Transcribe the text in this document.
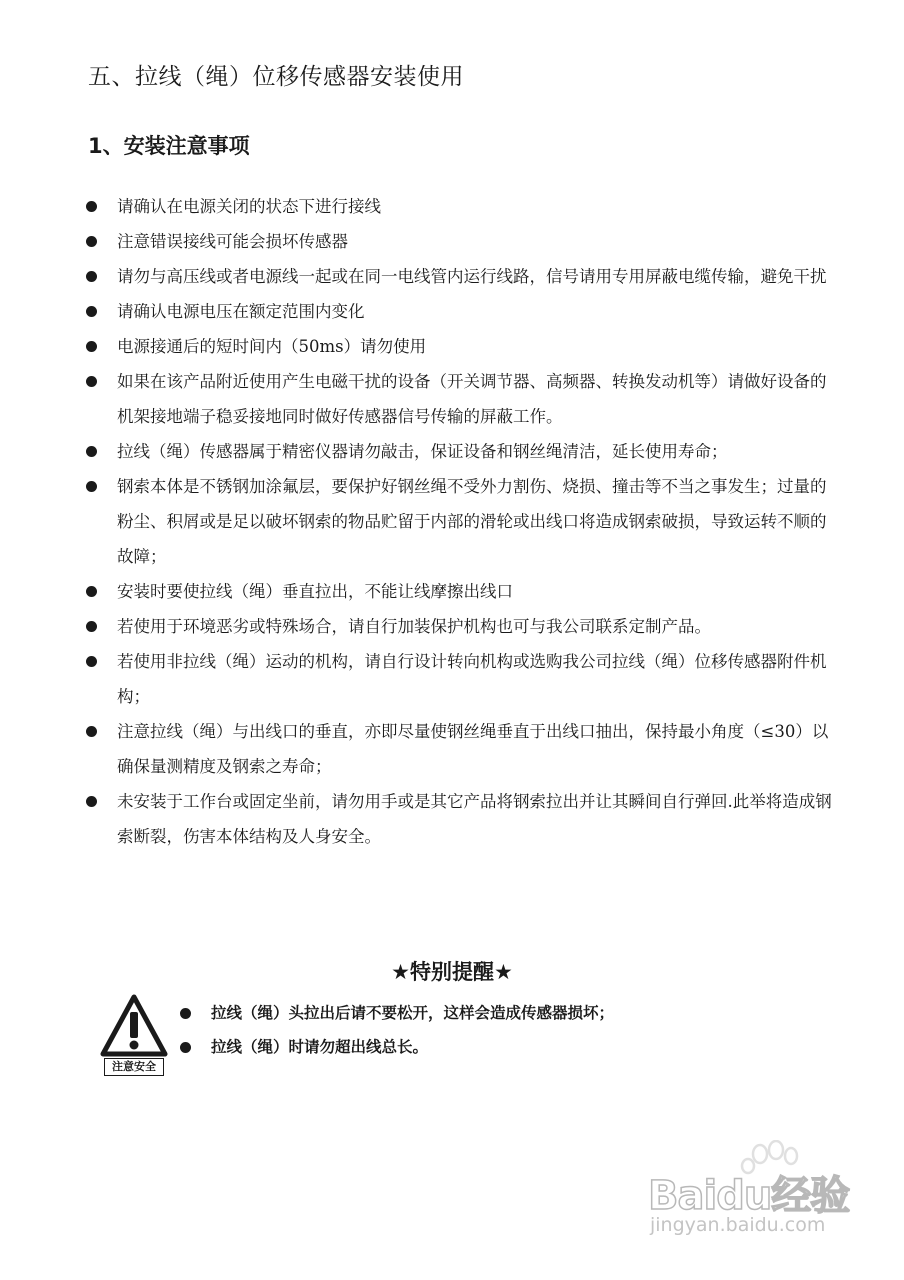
五、拉线（绳）位移传感器安装使用
1、安装注意事项
请确认在电源关闭的状态下进行接线
注意错误接线可能会损坏传感器
请勿与高压线或者电源线一起或在同一电线管内运行线路，信号请用专用屏蔽电缆传输，避免干扰
请确认电源电压在额定范围内变化
电源接通后的短时间内（50ms）请勿使用
如果在该产品附近使用产生电磁干扰的设备（开关调节器、高频器、转换发动机等）请做好设备的机架接地端子稳妥接地同时做好传感器信号传输的屏蔽工作。
拉线（绳）传感器属于精密仪器请勿敲击，保证设备和钢丝绳清洁，延长使用寿命；
钢索本体是不锈钢加涂氟层，要保护好钢丝绳不受外力割伤、烧损、撞击等不当之事发生；过量的粉尘、积屑或是足以破坏钢索的物品贮留于内部的滑轮或出线口将造成钢索破损，导致运转不顺的故障；
安装时要使拉线（绳）垂直拉出，不能让线摩擦出线口
若使用于环境恶劣或特殊场合，请自行加装保护机构也可与我公司联系定制产品。
若使用非拉线（绳）运动的机构，请自行设计转向机构或选购我公司拉线（绳）位移传感器附件机构；
注意拉线（绳）与出线口的垂直，亦即尽量使钢丝绳垂直于出线口抽出，保持最小角度（≤30）以确保量测精度及钢索之寿命；
未安装于工作台或固定坐前，请勿用手或是其它产品将钢索拉出并让其瞬间自行弹回.此举将造成钢索断裂，伤害本体结构及人身安全。
★特别提醒★
注意安全
拉线（绳）头拉出后请不要松开，这样会造成传感器损坏；
拉线（绳）时请勿超出线总长。
Baidu经验
jingyan.baidu.com
